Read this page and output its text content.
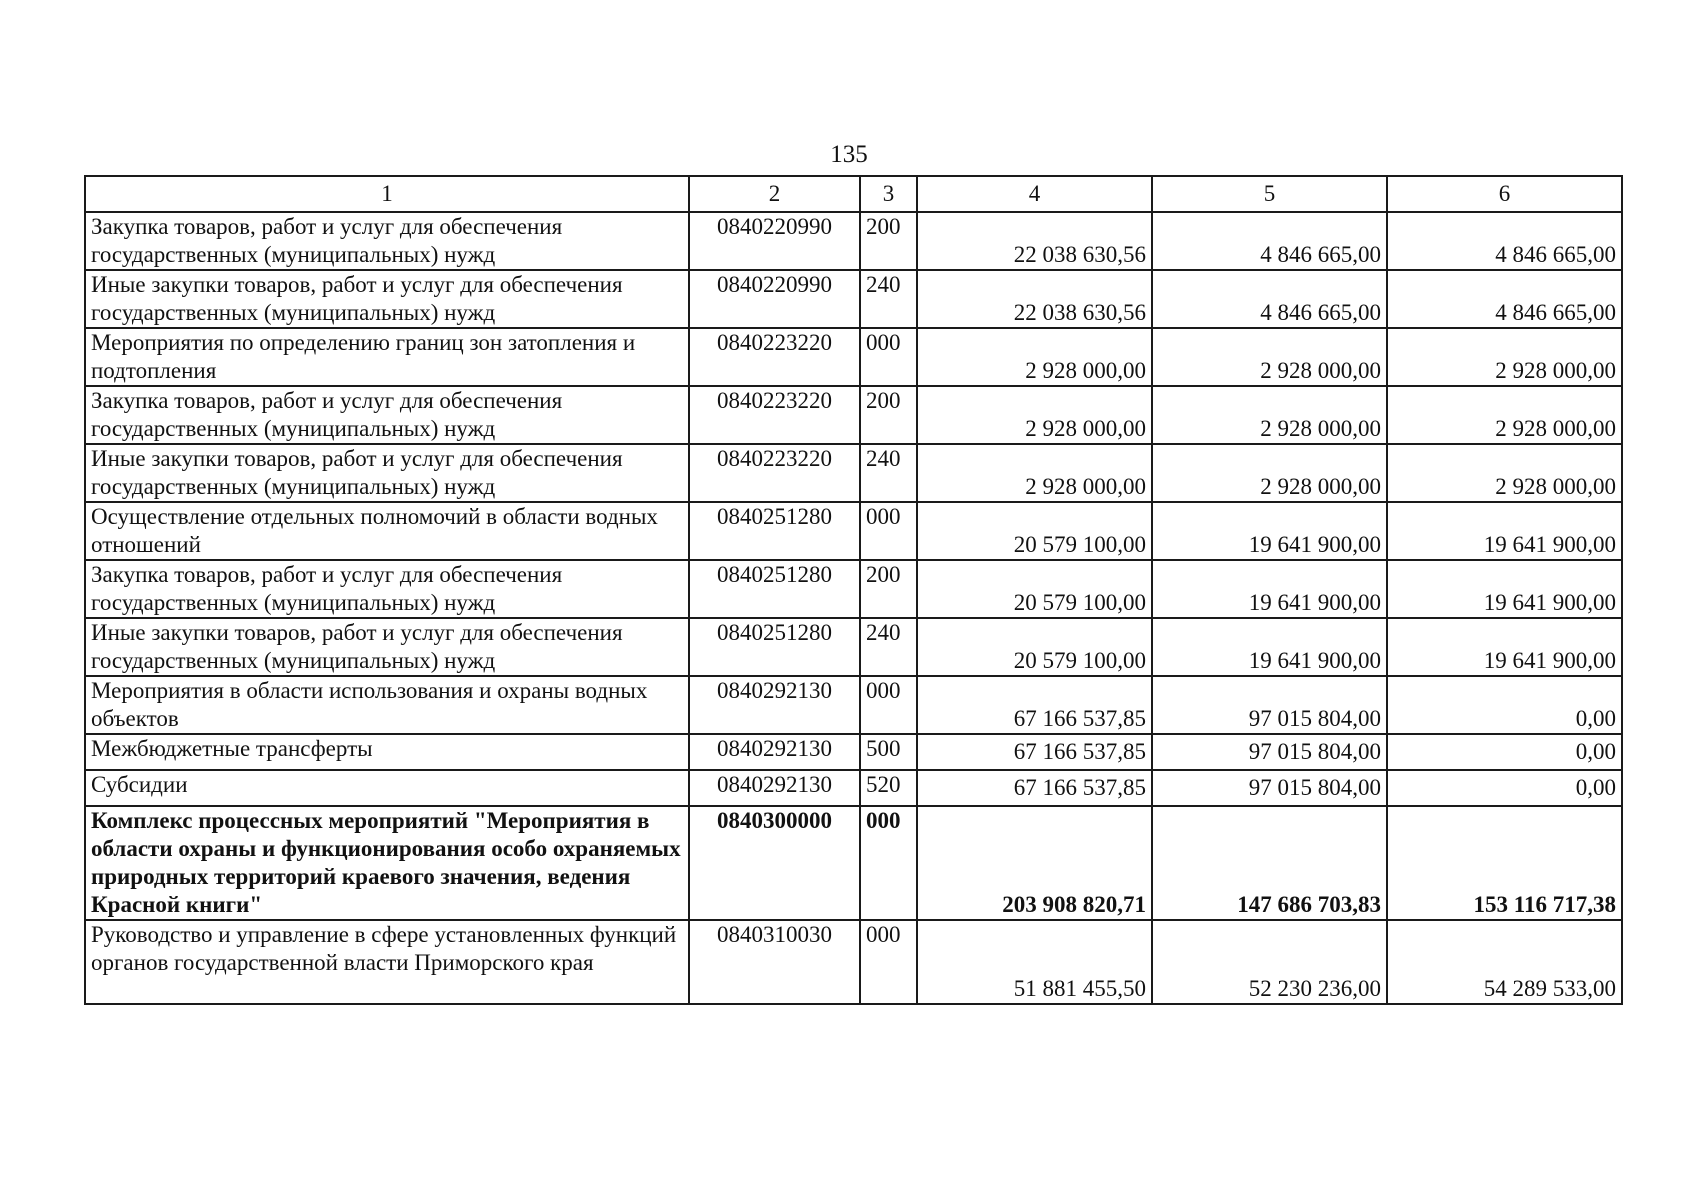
135
1	2	3	4	5	6
Закупка товаров, работ и услуг для обеспечения государственных (муниципальных) нужд	0840220990	200	22 038 630,56	4 846 665,00	4 846 665,00
Иные закупки товаров, работ и услуг для обеспечения государственных (муниципальных) нужд	0840220990	240	22 038 630,56	4 846 665,00	4 846 665,00
Мероприятия по определению границ зон затопления и подтопления	0840223220	000	2 928 000,00	2 928 000,00	2 928 000,00
Закупка товаров, работ и услуг для обеспечения государственных (муниципальных) нужд	0840223220	200	2 928 000,00	2 928 000,00	2 928 000,00
Иные закупки товаров, работ и услуг для обеспечения государственных (муниципальных) нужд	0840223220	240	2 928 000,00	2 928 000,00	2 928 000,00
Осуществление отдельных полномочий в области водных отношений	0840251280	000	20 579 100,00	19 641 900,00	19 641 900,00
Закупка товаров, работ и услуг для обеспечения государственных (муниципальных) нужд	0840251280	200	20 579 100,00	19 641 900,00	19 641 900,00
Иные закупки товаров, работ и услуг для обеспечения государственных (муниципальных) нужд	0840251280	240	20 579 100,00	19 641 900,00	19 641 900,00
Мероприятия в области использования и охраны водных объектов	0840292130	000	67 166 537,85	97 015 804,00	0,00
Межбюджетные трансферты	0840292130	500	67 166 537,85	97 015 804,00	0,00
Субсидии	0840292130	520	67 166 537,85	97 015 804,00	0,00
Комплекс процессных мероприятий "Мероприятия в области охраны и функционирования особо охраняемых природных территорий краевого значения, ведения Красной книги"	0840300000	000	203 908 820,71	147 686 703,83	153 116 717,38
Руководство и управление в сфере установленных функций органов государственной власти Приморского края	0840310030	000	51 881 455,50	52 230 236,00	54 289 533,00
